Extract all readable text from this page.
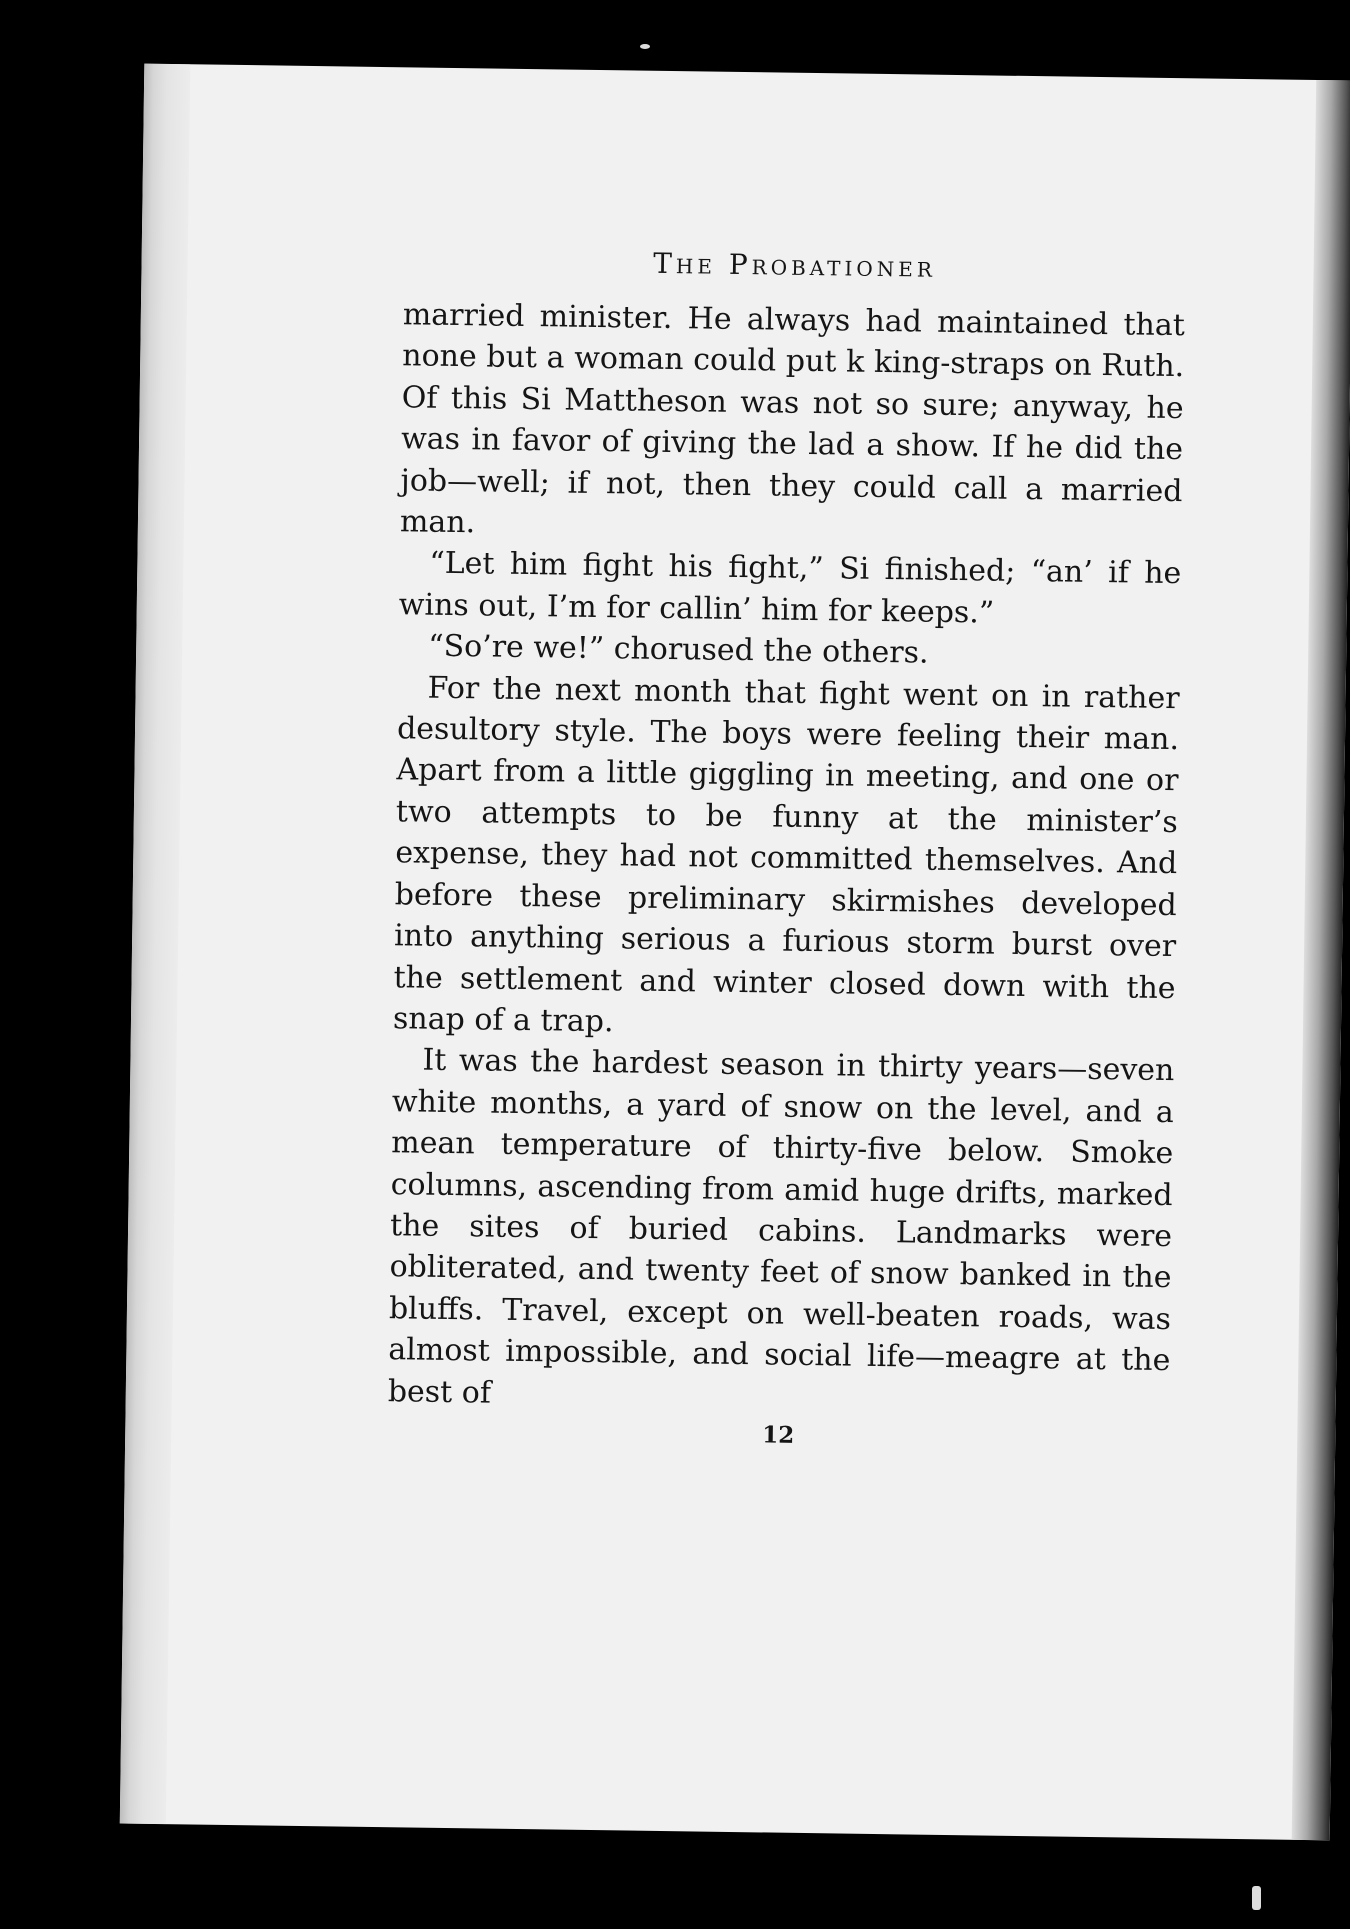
The Probationer

married minister. He always had maintained that none but a woman could put k king-straps on Ruth. Of this Si Mattheson was not so sure; anyway, he was in favor of giving the lad a show. If he did the job—well; if not, then they could call a married man.

“Let him fight his fight,” Si finished; “an’ if he wins out, I’m for callin’ him for keeps.”

“So’re we!” chorused the others.

For the next month that fight went on in rather desultory style. The boys were feeling their man. Apart from a little giggling in meeting, and one or two attempts to be funny at the minister’s expense, they had not committed themselves. And before these preliminary skirmishes developed into anything serious a furious storm burst over the settlement and winter closed down with the snap of a trap.

It was the hardest season in thirty years—seven white months, a yard of snow on the level, and a mean temperature of thirty-five below. Smoke columns, ascending from amid huge drifts, marked the sites of buried cabins. Landmarks were obliterated, and twenty feet of snow banked in the bluffs. Travel, except on well-beaten roads, was almost impossible, and social life—meagre at the best of

12
